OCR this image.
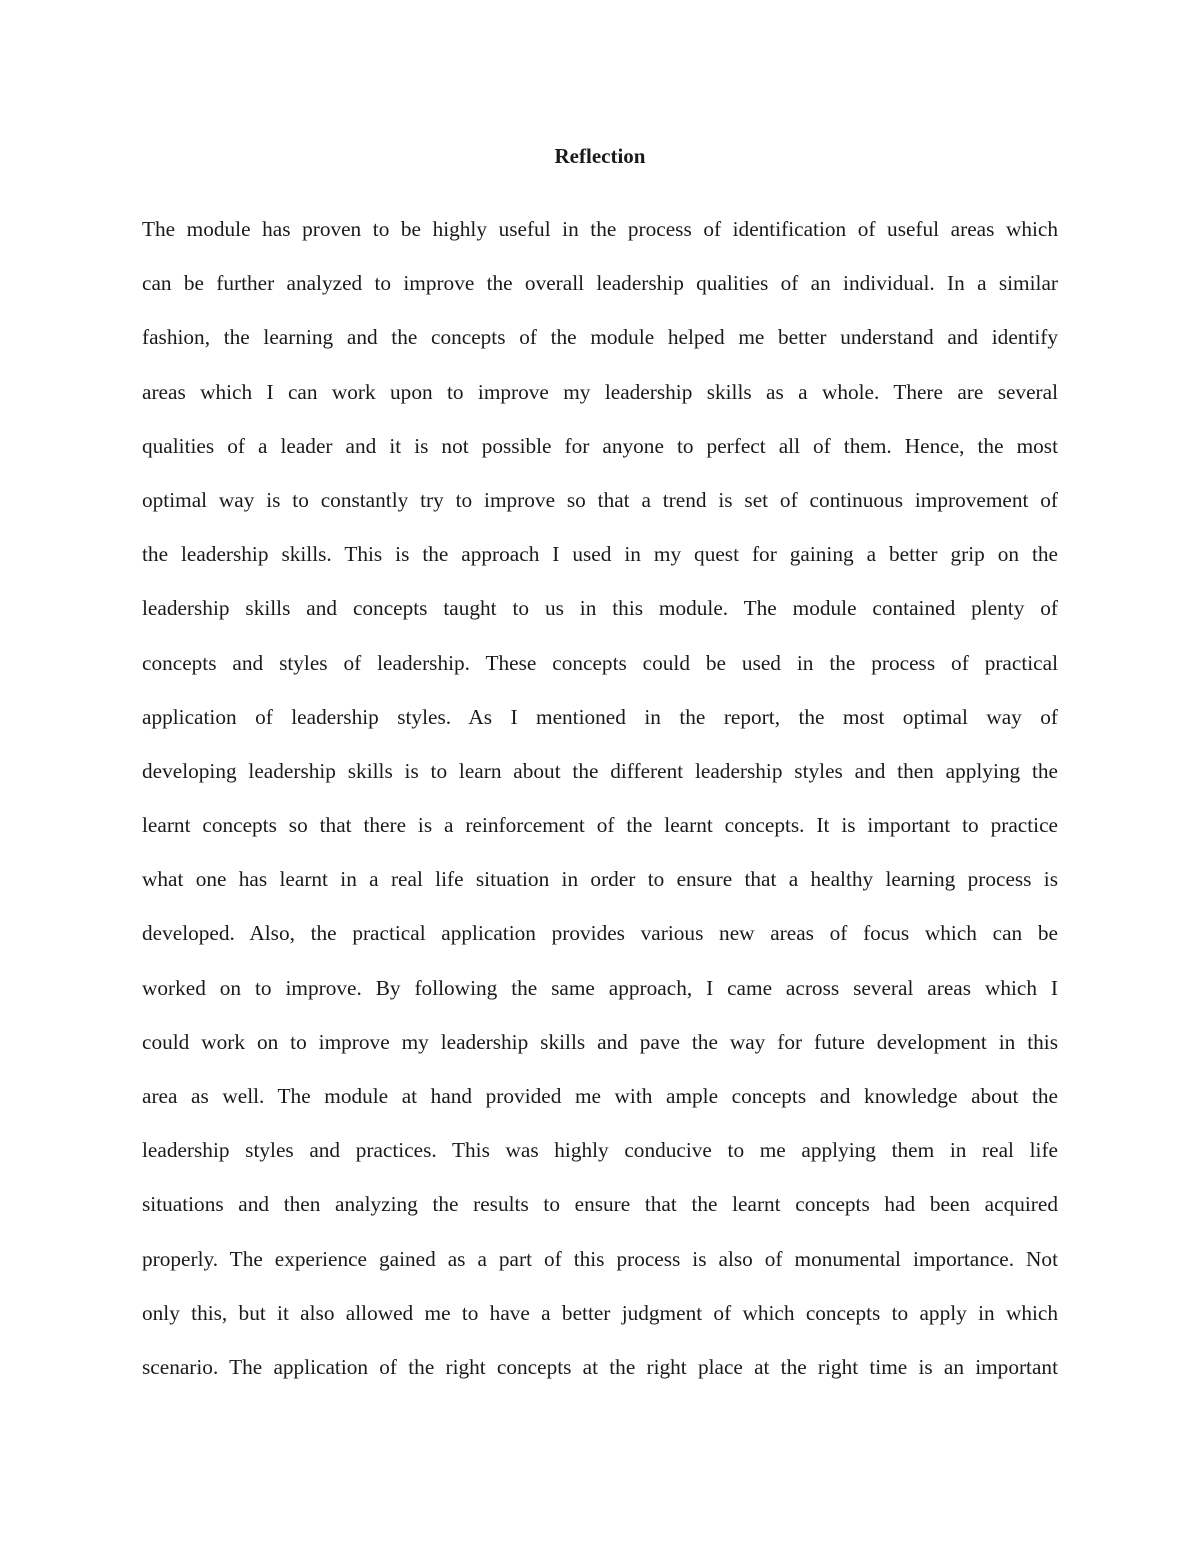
Reflection
The module has proven to be highly useful in the process of identification of useful areas which
can be further analyzed to improve the overall leadership qualities of an individual. In a similar
fashion, the learning and the concepts of the module helped me better understand and identify
areas which I can work upon to improve my leadership skills as a whole. There are several
qualities of a leader and it is not possible for anyone to perfect all of them. Hence, the most
optimal way is to constantly try to improve so that a trend is set of continuous improvement of
the leadership skills. This is the approach I used in my quest for gaining a better grip on the
leadership skills and concepts taught to us in this module. The module contained plenty of
concepts and styles of leadership. These concepts could be used in the process of practical
application of leadership styles. As I mentioned in the report, the most optimal way of
developing leadership skills is to learn about the different leadership styles and then applying the
learnt concepts so that there is a reinforcement of the learnt concepts. It is important to practice
what one has learnt in a real life situation in order to ensure that a healthy learning process is
developed. Also, the practical application provides various new areas of focus which can be
worked on to improve. By following the same approach, I came across several areas which I
could work on to improve my leadership skills and pave the way for future development in this
area as well. The module at hand provided me with ample concepts and knowledge about the
leadership styles and practices. This was highly conducive to me applying them in real life
situations and then analyzing the results to ensure that the learnt concepts had been acquired
properly. The experience gained as a part of this process is also of monumental importance. Not
only this, but it also allowed me to have a better judgment of which concepts to apply in which
scenario. The application of the right concepts at the right place at the right time is an important
